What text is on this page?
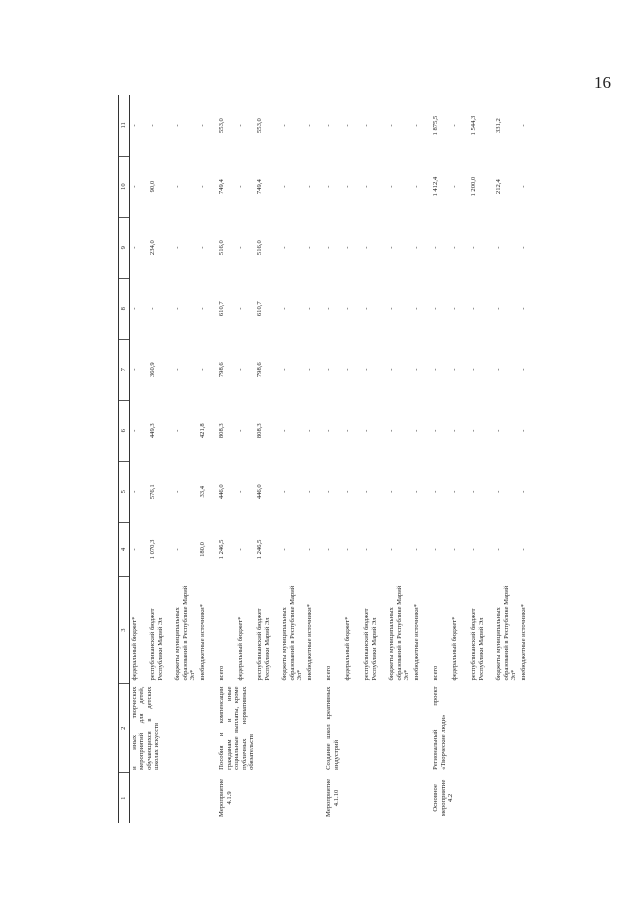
16
1	2	3	4	5	6	7	8	9	10	11
	и иных творческих мероприятий для детей, обучающихся в детских школах искусств	федеральный бюджет*	-	-	-	-	-	-	-	-
		республиканский бюджет Республики Марий Эл	1 070,3	576,1	449,3	360,9	-	234,0	90,0	-
		бюджеты муниципальных образований в Республике Марий Эл*	-	-	-	-	-	-	-	-
		внебюджетные источники*	180,0	33,4	421,8	-	-	-	-	-
Мероприятие 4.1.9	Пособия и компенсации гражданам и иные социальные выплаты, кроме публичных нормативных обязательств	всего	1 246,5	446,0	808,3	798,6	610,7	516,0	749,4	553,0
		федеральный бюджет*	-	-	-	-	-	-	-	-
		республиканский бюджет Республики Марий Эл	1 246,5	446,0	808,3	798,6	610,7	516,0	749,4	553,0
		бюджеты муниципальных образований в Республике Марий Эл*	-	-	-	-	-	-	-	-
		внебюджетные источники*	-	-	-	-	-	-	-	-
Мероприятие 4.1.10	Создание школ креативных индустрий	всего	-	-	-	-	-	-	-	-
		федеральный бюджет*	-	-	-	-	-	-	-	-
		республиканский бюджет Республики Марий Эл	-	-	-	-	-	-	-	-
		бюджеты муниципальных образований в Республике Марий Эл*	-	-	-	-	-	-	-	-
		внебюджетные источники*	-	-	-	-	-	-	-	-
Основное мероприятие 4.2	Региональный проект «Творческие люди»	всего	-	-	-	-	-	-	1 412,4	1 875,5
		федеральный бюджет*	-	-	-	-	-	-	-	-
		республиканский бюджет Республики Марий Эл	-	-	-	-	-	-	1 200,0	1 544,3
		бюджеты муниципальных образований в Республике Марий Эл*	-	-	-	-	-	-	212,4	331,2
		внебюджетные источники*	-	-	-	-	-	-	-	-
